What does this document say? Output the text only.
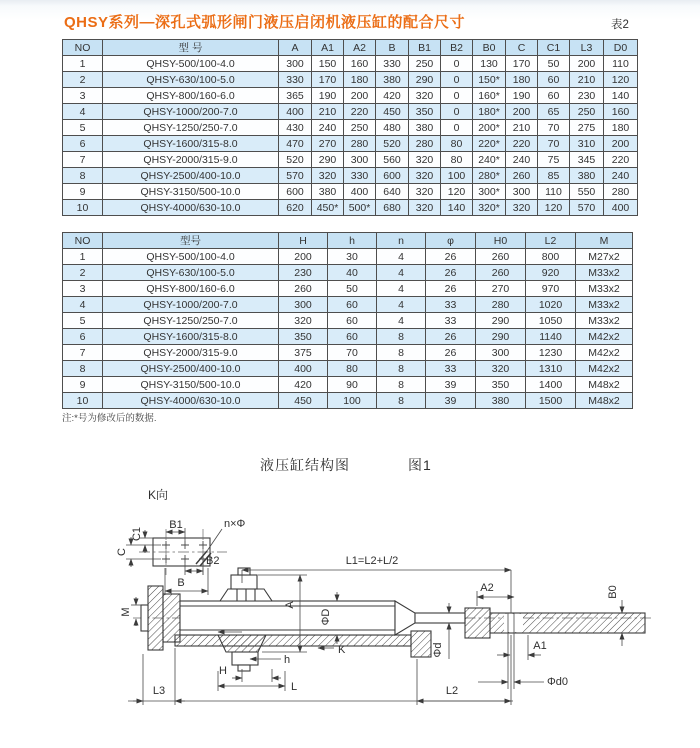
QHSY系列—深孔式弧形闸门液压启闭机液压缸的配合尺寸	表2
NO	型 号	A	A1	A2	B	B1	B2	B0	C	C1	L3	D0
1	QHSY-500/100-4.0	300	150	160	330	250	0	130	170	50	200	110
2	QHSY-630/100-5.0	330	170	180	380	290	0	150*	180	60	210	120
3	QHSY-800/160-6.0	365	190	200	420	320	0	160*	190	60	230	140
4	QHSY-1000/200-7.0	400	210	220	450	350	0	180*	200	65	250	160
5	QHSY-1250/250-7.0	430	240	250	480	380	0	200*	210	70	275	180
6	QHSY-1600/315-8.0	470	270	280	520	280	80	220*	220	70	310	200
7	QHSY-2000/315-9.0	520	290	300	560	320	80	240*	240	75	345	220
8	QHSY-2500/400-10.0	570	320	330	600	320	100	280*	260	85	380	240
9	QHSY-3150/500-10.0	600	380	400	640	320	120	300*	300	110	550	280
10	QHSY-4000/630-10.0	620	450*	500*	680	320	140	320*	320	120	570	400
NO	型号	H	h	n	φ	H0	L2	M
1	QHSY-500/100-4.0	200	30	4	26	260	800	M27x2
2	QHSY-630/100-5.0	230	40	4	26	260	920	M33x2
3	QHSY-800/160-6.0	260	50	4	26	270	970	M33x2
4	QHSY-1000/200-7.0	300	60	4	33	280	1020	M33x2
5	QHSY-1250/250-7.0	320	60	4	33	290	1050	M33x2
6	QHSY-1600/315-8.0	350	60	8	26	290	1140	M42x2
7	QHSY-2000/315-9.0	375	70	8	26	300	1230	M42x2
8	QHSY-2500/400-10.0	400	80	8	33	320	1310	M42x2
9	QHSY-3150/500-10.0	420	90	8	39	350	1400	M48x2
10	QHSY-4000/630-10.0	450	100	8	39	380	1500	M48x2
注:*号为修改后的数据.
液压缸结构图	图1
K向
n×Φ
C1
C
B1
B2
B
L1=L2+L/2
A2	B0
M
A
ΦD
Φd	A1
Φd0
h
H
L
K
L3	L2
